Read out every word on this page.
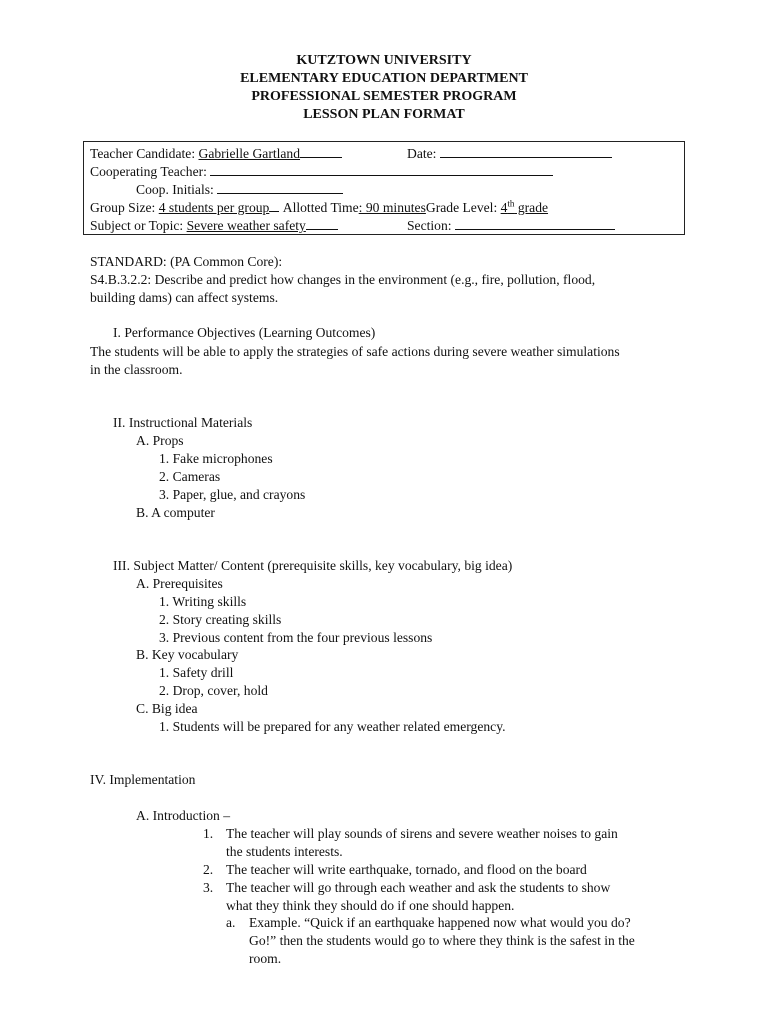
KUTZTOWN UNIVERSITY
ELEMENTARY EDUCATION DEPARTMENT
PROFESSIONAL SEMESTER PROGRAM
LESSON PLAN FORMAT
Teacher Candidate: Gabrielle Gartland	Date:
Cooperating Teacher:
Coop. Initials:
Group Size: 4 students per group Allotted Time: 90 minutesGrade Level: 4th grade
Subject or Topic: Severe weather safety	Section:
STANDARD: (PA Common Core):
S4.B.3.2.2: Describe and predict how changes in the environment (e.g., fire, pollution, flood,
building dams) can affect systems.
I. Performance Objectives (Learning Outcomes)
The students will be able to apply the strategies of safe actions during severe weather simulations
in the classroom.
II. Instructional Materials
A. Props
1. Fake microphones
2. Cameras
3. Paper, glue, and crayons
B. A computer
III. Subject Matter/ Content (prerequisite skills, key vocabulary, big idea)
A. Prerequisites
1. Writing skills
2. Story creating skills
3. Previous content from the four previous lessons
B. Key vocabulary
1. Safety drill
2. Drop, cover, hold
C. Big idea
1. Students will be prepared for any weather related emergency.
IV. Implementation
A. Introduction –
1. The teacher will play sounds of sirens and severe weather noises to gain
the students interests.
2. The teacher will write earthquake, tornado, and flood on the board
3. The teacher will go through each weather and ask the students to show
what they think they should do if one should happen.
a. Example. “Quick if an earthquake happened now what would you do?
Go!” then the students would go to where they think is the safest in the
room.
